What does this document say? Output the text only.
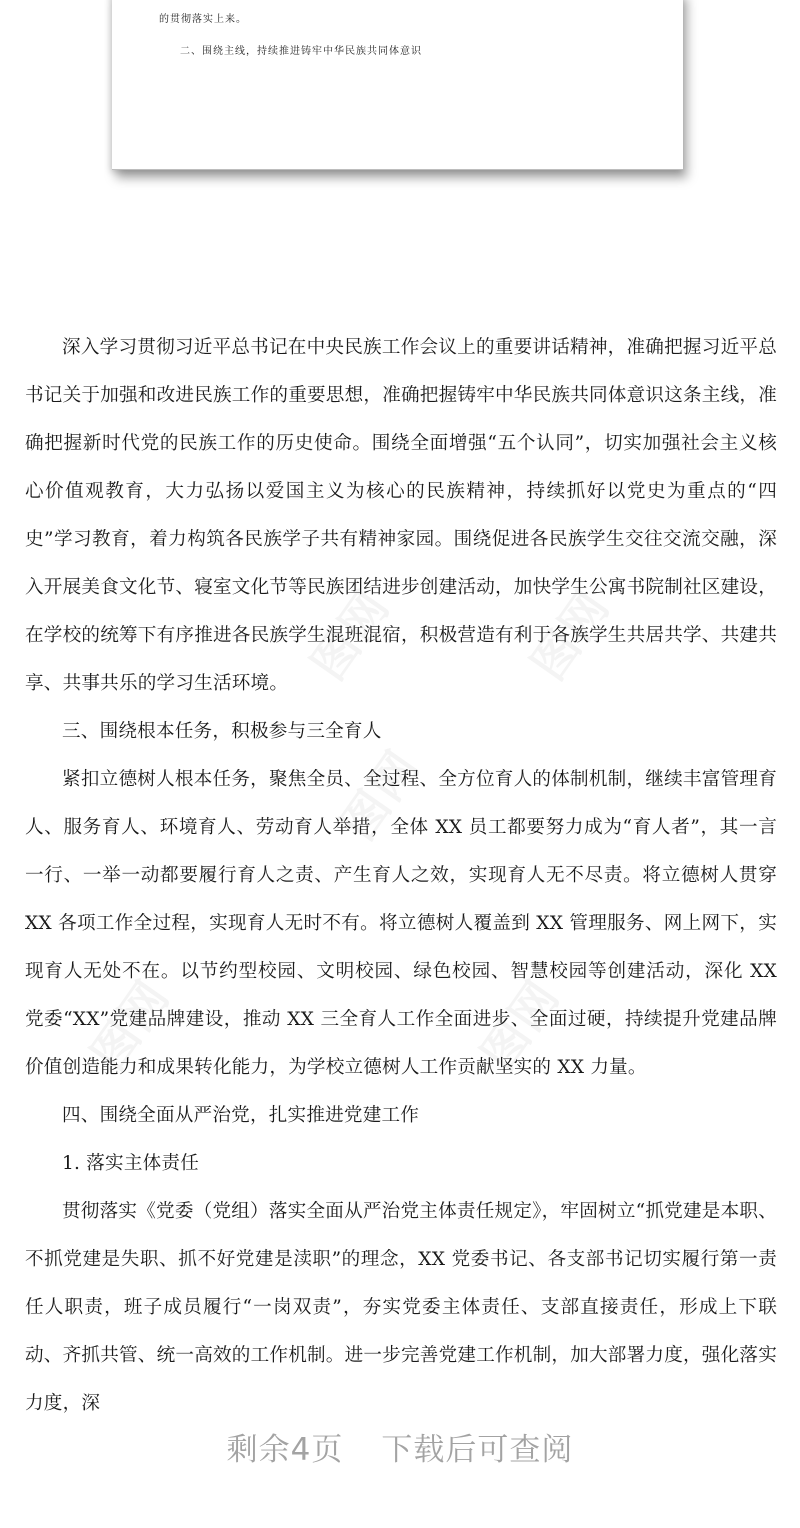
的贯彻落实上来。
二、围绕主线，持续推进铸牢中华民族共同体意识
图网	图网
图网
图网	图网

深入学习贯彻习近平总书记在中央民族工作会议上的重要讲话精神，准确把握习近平总书记关于加强和改进民族工作的重要思想，准确把握铸牢中华民族共同体意识这条主线，准确把握新时代党的民族工作的历史使命。围绕全面增强“五个认同”，切实加强社会主义核心价值观教育，大力弘扬以爱国主义为核心的民族精神，持续抓好以党史为重点的“四史”学习教育，着力构筑各民族学子共有精神家园。围绕促进各民族学生交往交流交融，深入开展美食文化节、寝室文化节等民族团结进步创建活动，加快学生公寓书院制社区建设，在学校的统筹下有序推进各民族学生混班混宿，积极营造有利于各族学生共居共学、共建共享、共事共乐的学习生活环境。

三、围绕根本任务，积极参与三全育人

紧扣立德树人根本任务，聚焦全员、全过程、全方位育人的体制机制，继续丰富管理育人、服务育人、环境育人、劳动育人举措，全体 XX 员工都要努力成为“育人者”，其一言一行、一举一动都要履行育人之责、产生育人之效，实现育人无不尽责。将立德树人贯穿 XX 各项工作全过程，实现育人无时不有。将立德树人覆盖到 XX 管理服务、网上网下，实现育人无处不在。以节约型校园、文明校园、绿色校园、智慧校园等创建活动，深化 XX 党委“XX”党建品牌建设，推动 XX 三全育人工作全面进步、全面过硬，持续提升党建品牌价值创造能力和成果转化能力，为学校立德树人工作贡献坚实的 XX 力量。

四、围绕全面从严治党，扎实推进党建工作

1. 落实主体责任

贯彻落实《党委（党组）落实全面从严治党主体责任规定》，牢固树立“抓党建是本职、不抓党建是失职、抓不好党建是渎职”的理念，XX 党委书记、各支部书记切实履行第一责任人职责，班子成员履行“一岗双责”，夯实党委主体责任、支部直接责任，形成上下联动、齐抓共管、统一高效的工作机制。进一步完善党建工作机制，加大部署力度，强化落实力度，深

剩余4页 下载后可查阅
